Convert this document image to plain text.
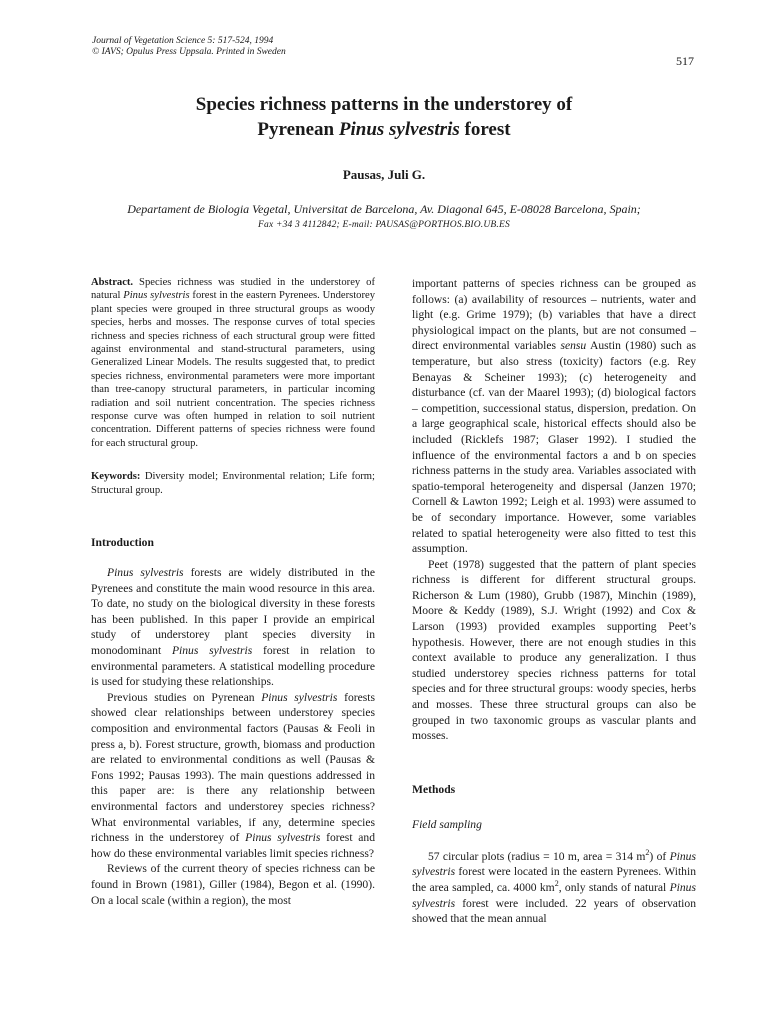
Journal of Vegetation Science 5: 517-524, 1994
© IAVS; Opulus Press Uppsala. Printed in Sweden
517
Species richness patterns in the understorey of
Pyrenean Pinus sylvestris forest
Pausas, Juli G.
Departament de Biologia Vegetal, Universitat de Barcelona, Av. Diagonal 645, E-08028 Barcelona, Spain;
Fax +34 3 4112842; E-mail: PAUSAS@PORTHOS.BIO.UB.ES

Abstract. Species richness was studied in the understorey of natural Pinus sylvestris forest in the eastern Pyrenees. Understorey plant species were grouped in three structural groups as woody species, herbs and mosses. The response curves of total species richness and species richness of each structural group were fitted against environmental and stand-structural parameters, using Generalized Linear Models. The results suggested that, to predict species richness, environmental parameters were more important than tree-canopy structural parameters, in particular incoming radiation and soil nutrient concentration. The species richness response curve was often humped in relation to soil nutrient concentration. Different patterns of species richness were found for each structural group.

Keywords: Diversity model; Environmental relation; Life form; Structural group.

Introduction

Pinus sylvestris forests are widely distributed in the Pyrenees and constitute the main wood resource in this area. To date, no study on the biological diversity in these forests has been published. In this paper I provide an empirical study of understorey plant species diversity in monodominant Pinus sylvestris forest in relation to environmental parameters. A statistical modelling procedure is used for studying these relationships.

Previous studies on Pyrenean Pinus sylvestris forests showed clear relationships between understorey species composition and environmental factors (Pausas & Feoli in press a, b). Forest structure, growth, biomass and production are related to environmental conditions as well (Pausas & Fons 1992; Pausas 1993). The main questions addressed in this paper are: is there any relationship between environmental factors and understorey species richness? What environmental variables, if any, determine species richness in the understorey of Pinus sylvestris forest and how do these environmental variables limit species richness?

Reviews of the current theory of species richness can be found in Brown (1981), Giller (1984), Begon et al. (1990). On a local scale (within a region), the most

important patterns of species richness can be grouped as follows: (a) availability of resources – nutrients, water and light (e.g. Grime 1979); (b) variables that have a direct physiological impact on the plants, but are not consumed – direct environmental variables sensu Austin (1980) such as temperature, but also stress (toxicity) factors (e.g. Rey Benayas & Scheiner 1993); (c) heterogeneity and disturbance (cf. van der Maarel 1993); (d) biological factors – competition, successional status, dispersion, predation. On a large geographical scale, historical effects should also be included (Ricklefs 1987; Glaser 1992). I studied the influence of the environmental factors a and b on species richness patterns in the study area. Variables associated with spatio-temporal heterogeneity and dispersal (Janzen 1970; Cornell & Lawton 1992; Leigh et al. 1993) were assumed to be of secondary importance. However, some variables related to spatial heterogeneity were also fitted to test this assumption.

Peet (1978) suggested that the pattern of plant species richness is different for different structural groups. Richerson & Lum (1980), Grubb (1987), Minchin (1989), Moore & Keddy (1989), S.J. Wright (1992) and Cox & Larson (1993) provided examples supporting Peet’s hypothesis. However, there are not enough studies in this context available to produce any generalization. I thus studied understorey species richness patterns for total species and for three structural groups: woody species, herbs and mosses. These three structural groups can also be grouped in two taxonomic groups as vascular plants and mosses.

Methods
Field sampling

57 circular plots (radius = 10 m, area = 314 $m^2$) of Pinus sylvestris forest were located in the eastern Pyrenees. Within the area sampled, ca. 4000 $km^2$, only stands of natural Pinus sylvestris forest were included. 22 years of observation showed that the mean annual
